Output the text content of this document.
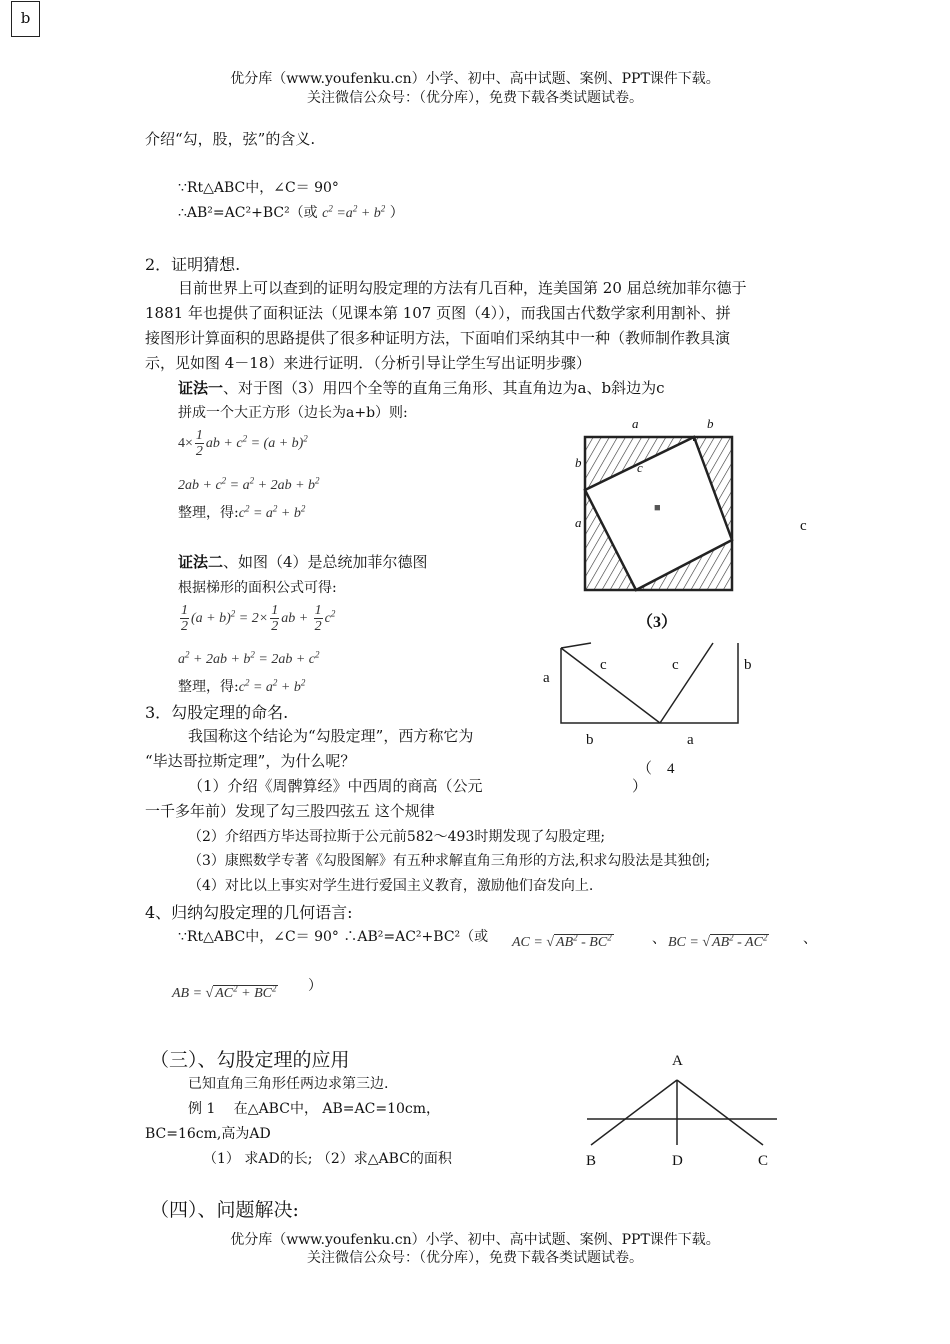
b
优分库（www.youfenku.cn）小学、初中、高中试题、案例、PPT课件下载。
关注微信公众号：（优分库），免费下载各类试题试卷。
介绍“勾，股，弦”的含义.
∵Rt△ABC中，∠C＝ 90°
∴AB²=AC²+BC²（或 $c^2 =a^2 + b^2$ ）
2．证明猜想.
目前世界上可以查到的证明勾股定理的方法有几百种，连美国第 20 届总统加菲尔德于
1881 年也提供了面积证法（见课本第 107 页图（4）），而我国古代数学家利用割补、拼
接图形计算面积的思路提供了很多种证明方法，下面咱们采纳其中一种（教师制作教具演
示，见如图 4－18）来进行证明．（分析引导让学生写出证明步骤）
证法一、对于图（3）用四个全等的直角三角形、其直角边为a、b斜边为c
拼成一个大正方形（边长为a+b）则:
$4\times \frac{1}{2}$ ab + $c^2 = (a + b)^2$
$2ab + c^2 = a^2 + 2ab + b^2$
整理，得$:c^2 = a^2 + b^2$
证法二、如图（4）是总统加菲尔德图
根据梯形的面积公式可得:
$\frac{1}{2} (a + b)^2 = 2\times \frac{1}{2}$ ab + $\frac{1}{2} c^2$
$a^2 + 2ab + b^2 = 2ab + c^2$
整理，得$:c^2 = a^2 + b^2$
3．勾股定理的命名.
我国称这个结论为“勾股定理”，西方称它为
“毕达哥拉斯定理”，为什么呢？
（1）介绍《周髀算经》中西周的商高（公元
一千多年前）发现了勾三股四弦五 这个规律
（2）介绍西方毕达哥拉斯于公元前582～493时期发现了勾股定理;
（3）康熙数学专著《勾股图解》有五种求解直角三角形的方法,积求勾股法是其独创;
（4）对比以上事实对学生进行爱国主义教育，激励他们奋发向上.
4、归纳勾股定理的几何语言:
∵Rt△ABC中，∠C＝ 90° ∴AB²=AC²+BC²（或 AC = √ $AB^2 - BC^2$	、 BC = √ $AB^2 - AC^2$	、
AB = √ $AC^2 + BC^2$ ）
（三）、勾股定理的应用
已知直角三角形任两边求第三边.
例 1　 在△ABC中， AB=AC=10cm，
BC=16cm,高为AD
（1） 求AD的长; （2）求△ABC的面积
（四）、问题解决:
优分库（www.youfenku.cn）小学、初中、高中试题、案例、PPT课件下载。
关注微信公众号：（优分库），免费下载各类试题试卷。
a	b
b
a
c
■
（3）
c
a
c	c	b
b	a
（　4
）
A
B	D	C
